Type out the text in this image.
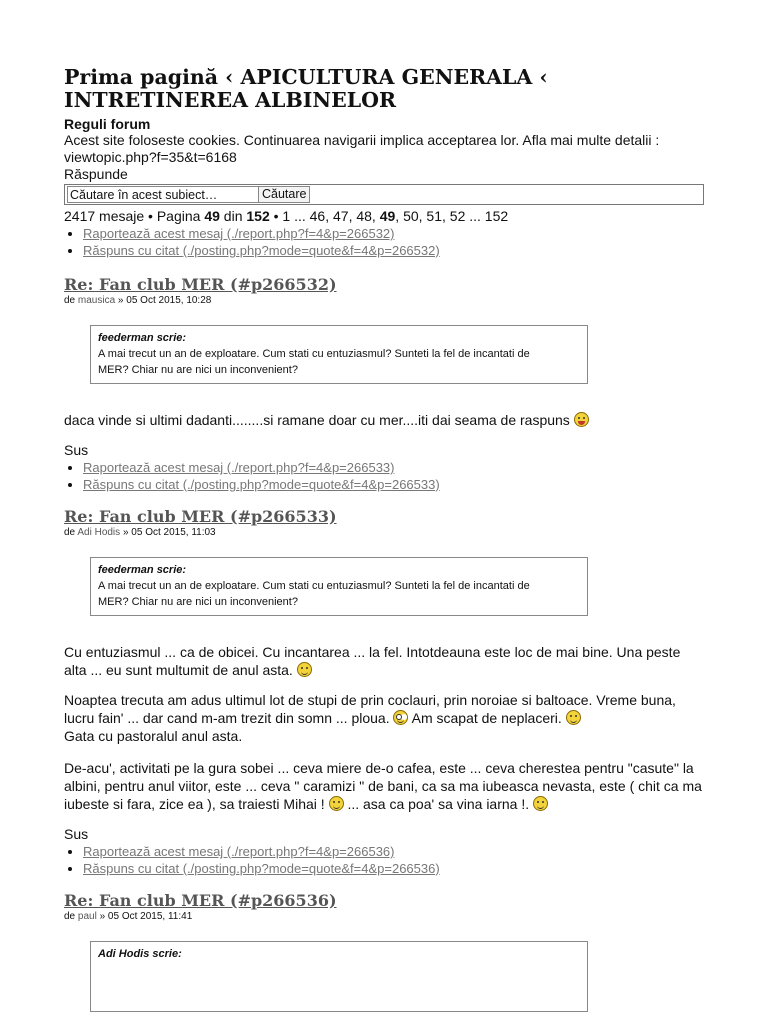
Prima pagină ‹ APICULTURA GENERALA ‹ INTRETINEREA ALBINELOR
Reguli forum
Acest site foloseste cookies. Continuarea navigarii implica acceptarea lor. Afla mai multe detalii :
viewtopic.php?f=35&t=6168
Răspunde
Căutare în acest subiect…
Căutare
2417 mesaje • Pagina 49 din 152 • 1 ... 46, 47, 48, 49, 50, 51, 52 ... 152
• Raportează acest mesaj (./report.php?f=4&p=266532)
• Răspuns cu citat (./posting.php?mode=quote&f=4&p=266532)
Re: Fan club MER (#p266532)
de mausica » 05 Oct 2015, 10:28
feederman scrie:
A mai trecut un an de exploatare. Cum stati cu entuziasmul? Sunteti la fel de incantati de
MER? Chiar nu are nici un inconvenient?
daca vinde si ultimi dadanti........si ramane doar cu mer....iti dai seama de raspuns
Sus
• Raportează acest mesaj (./report.php?f=4&p=266533)
• Răspuns cu citat (./posting.php?mode=quote&f=4&p=266533)
Re: Fan club MER (#p266533)
de Adi Hodis » 05 Oct 2015, 11:03
feederman scrie:
A mai trecut un an de exploatare. Cum stati cu entuziasmul? Sunteti la fel de incantati de
MER? Chiar nu are nici un inconvenient?
Cu entuziasmul ... ca de obicei. Cu incantarea ... la fel. Intotdeauna este loc de mai bine. Una peste
alta ... eu sunt multumit de anul asta.
Noaptea trecuta am adus ultimul lot de stupi de prin coclauri, prin noroiae si baltoace. Vreme buna,
lucru fain' ... dar cand m-am trezit din somn ... ploua.  Am scapat de neplaceri.
Gata cu pastoralul anul asta.
De-acu', activitati pe la gura sobei ... ceva miere de-o cafea, este ... ceva cherestea pentru "casute" la
albini, pentru anul viitor, este ... ceva " caramizi " de bani, ca sa ma iubeasca nevasta, este ( chit ca ma
iubeste si fara, zice ea ), sa traiesti Mihai !  ... asa ca poa' sa vina iarna !.
Sus
• Raportează acest mesaj (./report.php?f=4&p=266536)
• Răspuns cu citat (./posting.php?mode=quote&f=4&p=266536)
Re: Fan club MER (#p266536)
de paul » 05 Oct 2015, 11:41
Adi Hodis scrie:
